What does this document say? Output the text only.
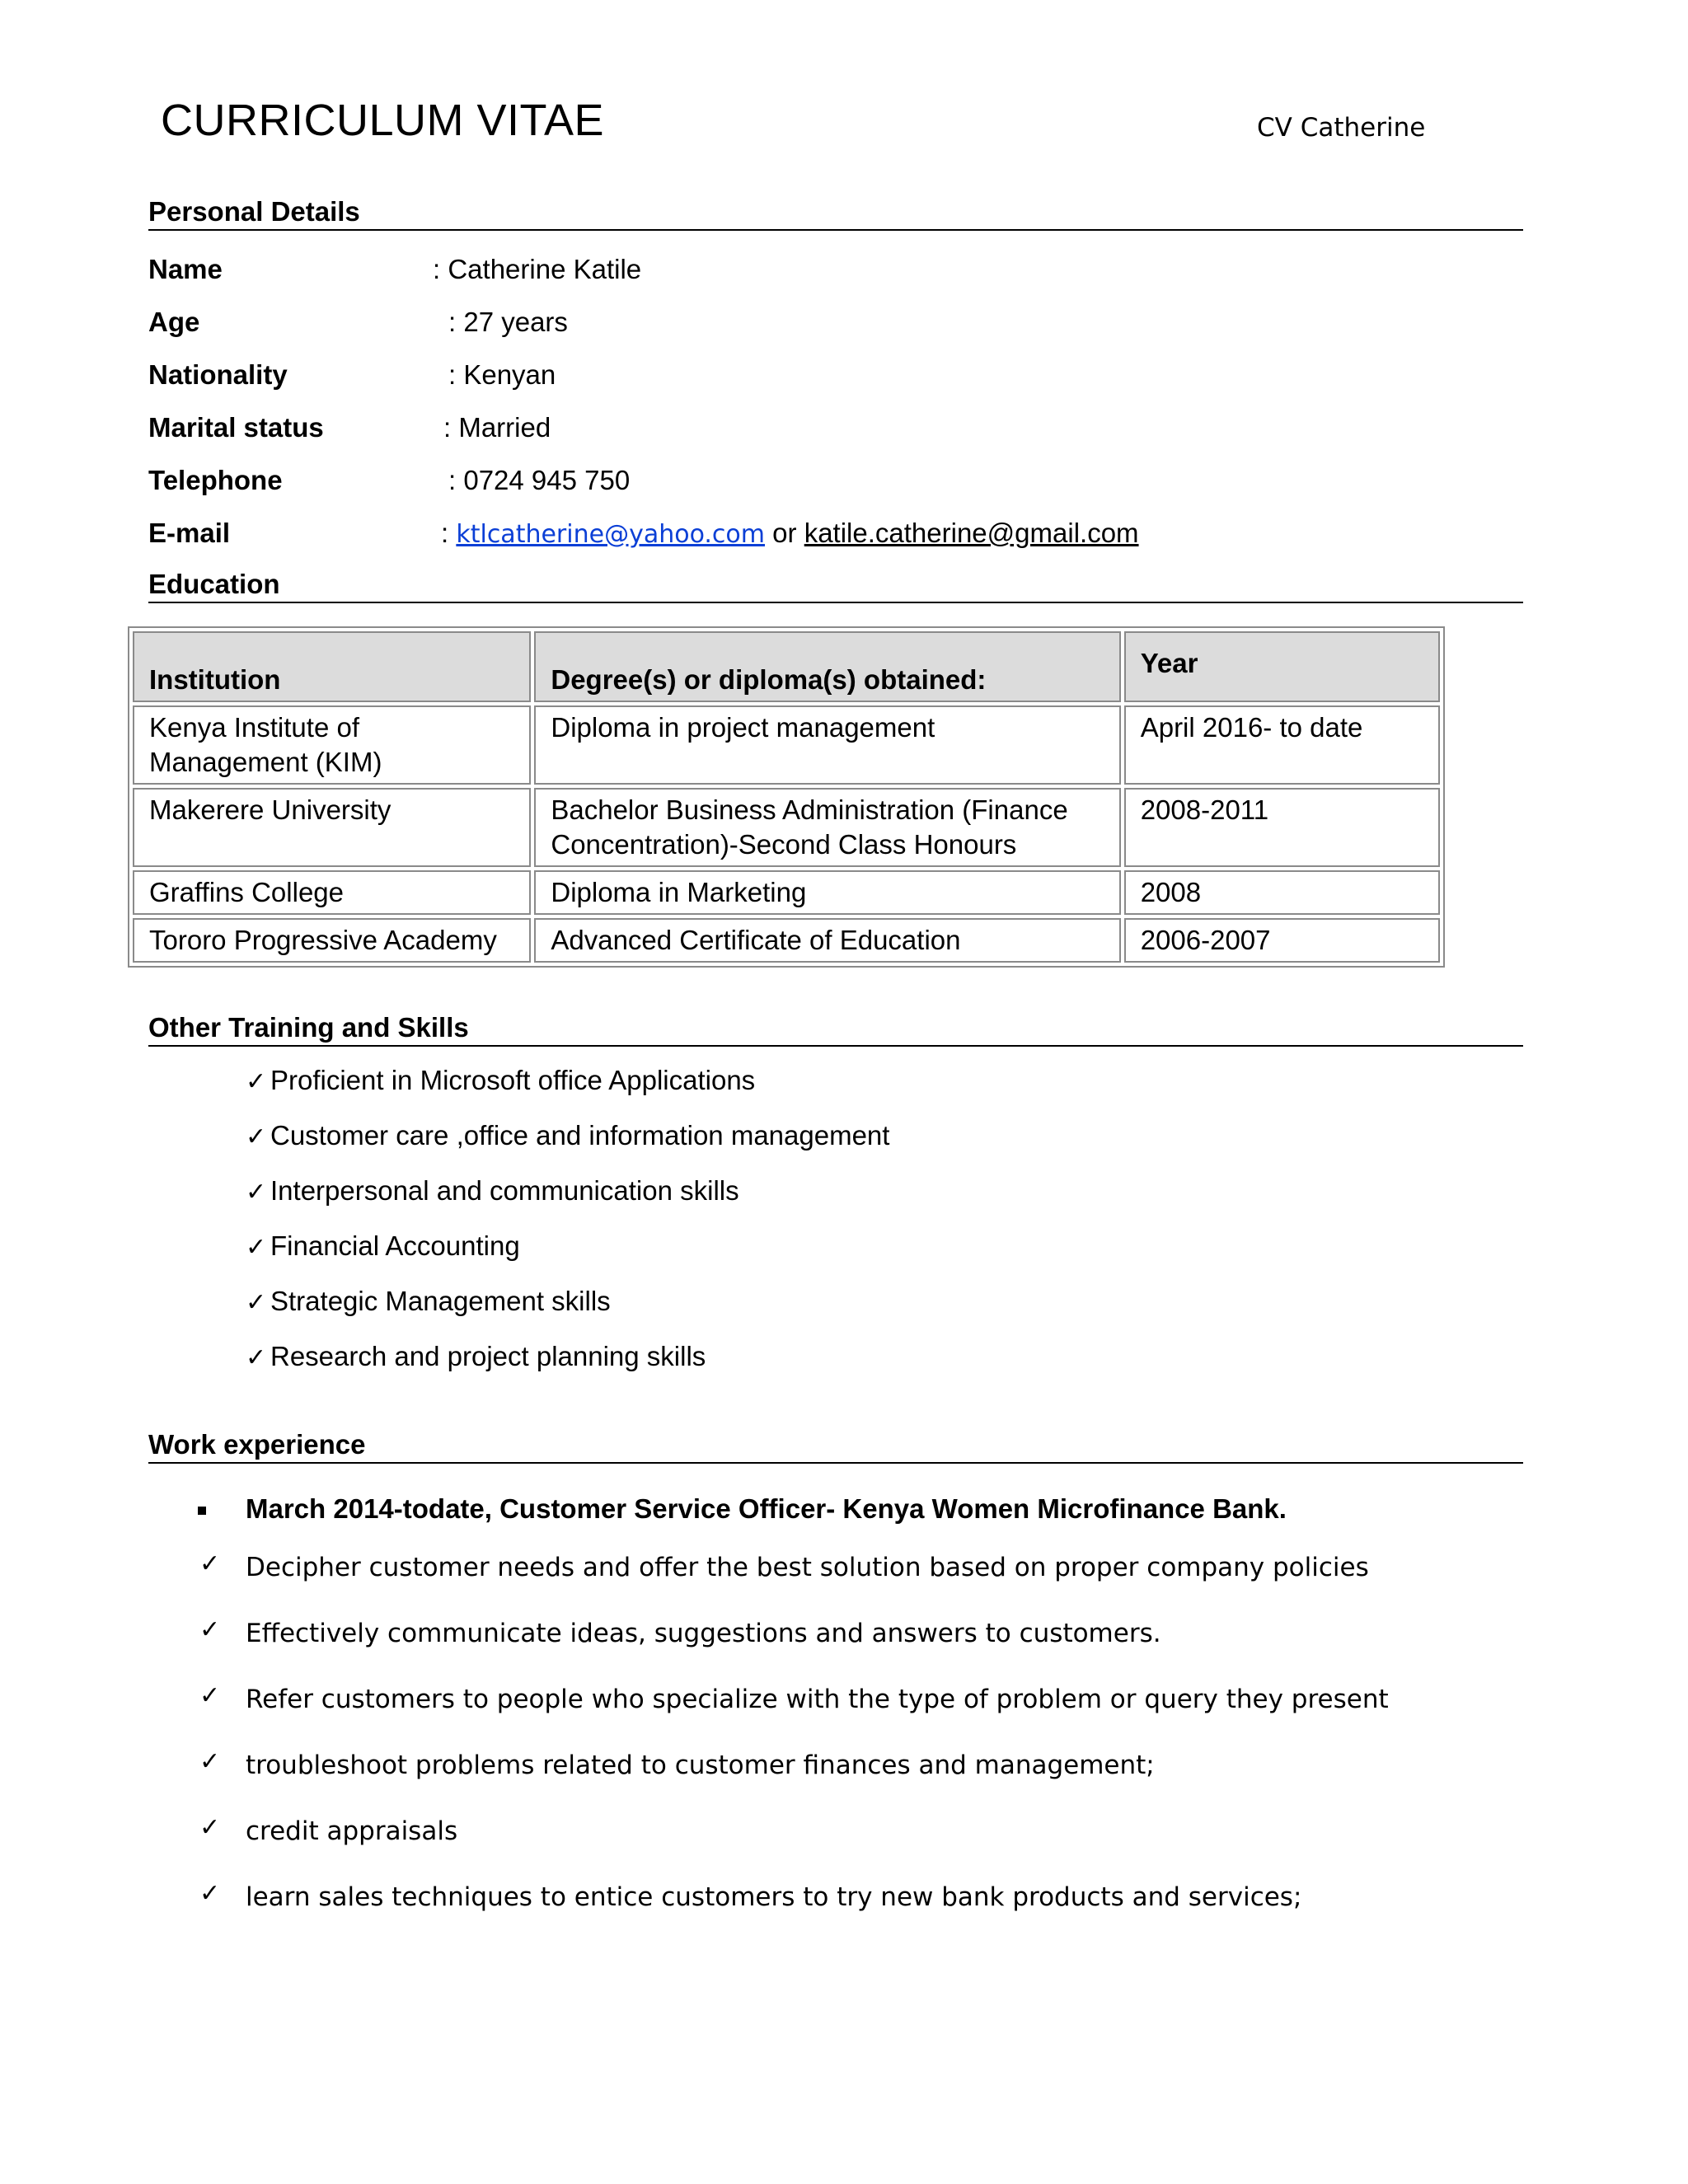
CURRICULUM VITAE	CV Catherine
Personal Details
Name	: Catherine Katile
Age	: 27 years
Nationality	: Kenyan
Marital status	: Married
Telephone	: 0724 945 750
E-mail	: ktlcatherine@yahoo.com or katile.catherine@gmail.com
Education
Institution	Degree(s) or diploma(s) obtained:	Year
Kenya Institute of Management (KIM)	Diploma in project management	April 2016- to date
Makerere University	Bachelor Business Administration (Finance Concentration)-Second Class Honours	2008-2011
Graffins College	Diploma in Marketing	2008
Tororo Progressive Academy	Advanced Certificate of Education	2006-2007
Other Training and Skills
✓ Proficient in Microsoft office Applications
✓ Customer care ,office and information management
✓ Interpersonal and communication skills
✓ Financial Accounting
✓ Strategic Management skills
✓ Research and project planning skills
Work experience
March 2014-todate, Customer Service Officer- Kenya Women Microfinance Bank.
✓ Decipher customer needs and offer the best solution based on proper company policies
✓ Effectively communicate ideas, suggestions and answers to customers.
✓ Refer customers to people who specialize with the type of problem or query they present
✓ troubleshoot problems related to customer finances and management;
✓ credit appraisals
✓ learn sales techniques to entice customers to try new bank products and services;
